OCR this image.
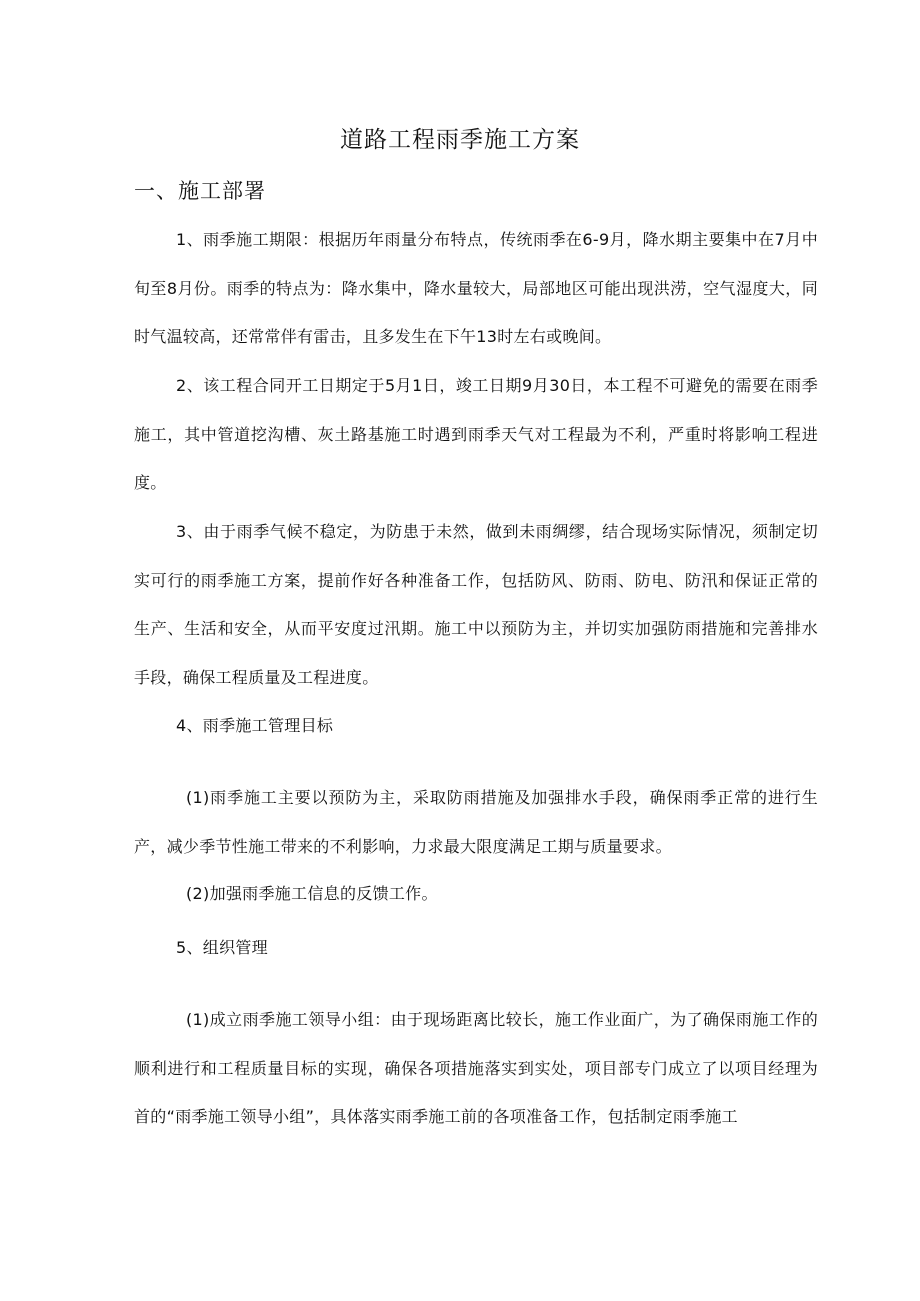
道路工程雨季施工方案
一、施工部署

1、雨季施工期限：根据历年雨量分布特点，传统雨季在6-9月，降水期主要集中在7月中旬至8月份。雨季的特点为：降水集中，降水量较大，局部地区可能出现洪涝，空气湿度大，同时气温较高，还常常伴有雷击，且多发生在下午13时左右或晚间。

2、该工程合同开工日期定于5月1日，竣工日期9月30日，本工程不可避免的需要在雨季施工，其中管道挖沟槽、灰土路基施工时遇到雨季天气对工程最为不利，严重时将影响工程进度。

3、由于雨季气候不稳定，为防患于未然，做到未雨绸缪，结合现场实际情况，须制定切实可行的雨季施工方案，提前作好各种准备工作，包括防风、防雨、防电、防汛和保证正常的生产、生活和安全，从而平安度过汛期。施工中以预防为主，并切实加强防雨措施和完善排水手段，确保工程质量及工程进度。

4、雨季施工管理目标

(1)雨季施工主要以预防为主，采取防雨措施及加强排水手段，确保雨季正常的进行生产，减少季节性施工带来的不利影响，力求最大限度满足工期与质量要求。

(2)加强雨季施工信息的反馈工作。

5、组织管理

(1)成立雨季施工领导小组：由于现场距离比较长，施工作业面广，为了确保雨施工作的顺利进行和工程质量目标的实现，确保各项措施落实到实处，项目部专门成立了以项目经理为首的“雨季施工领导小组”，具体落实雨季施工前的各项准备工作，包括制定雨季施工
